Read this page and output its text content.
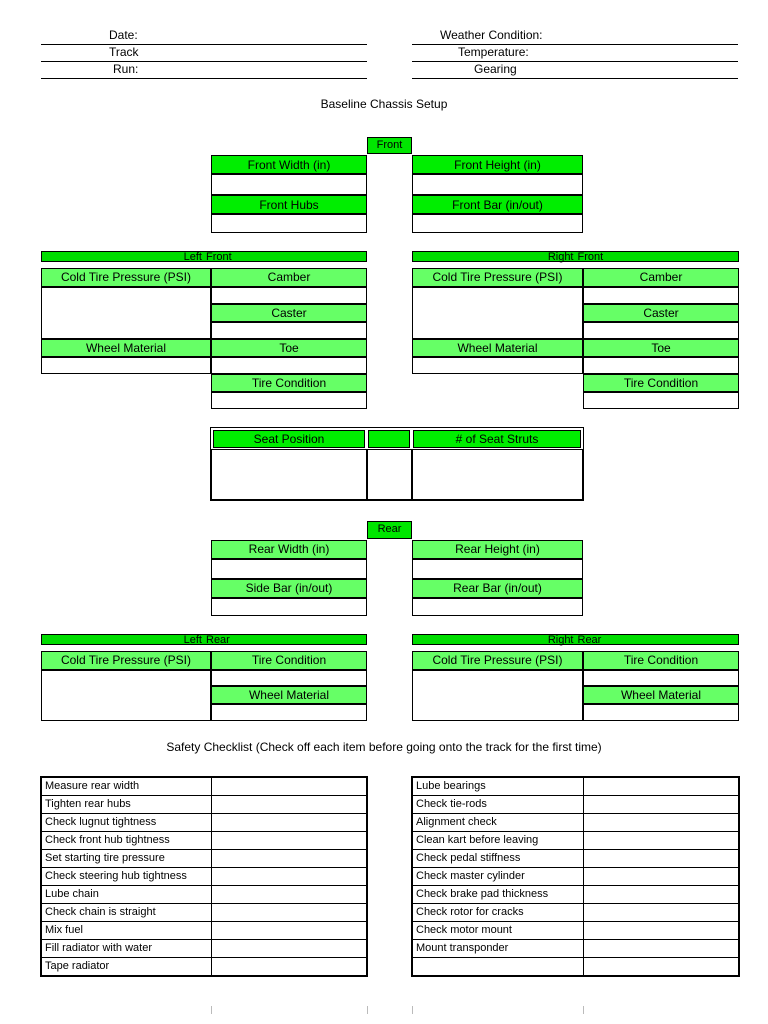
Date:
Track
Run:
Weather Condition:
Temperature:
Gearing
Baseline Chassis Setup
Front
Front Width (in)	Front Height (in)
Front Hubs	Front Bar (in/out)
Left Front
Cold Tire Pressure (PSI)	Camber
Caster
Wheel Material	Toe
Tire Condition
Right Front
Cold Tire Pressure (PSI)	Camber
Caster
Wheel Material	Toe
Tire Condition
Seat Position	# of Seat Struts
Rear
Rear Width (in)	Rear Height (in)
Side Bar (in/out)	Rear Bar (in/out)
Left Rear
Cold Tire Pressure (PSI)	Tire Condition
Wheel Material
Right Rear
Cold Tire Pressure (PSI)	Tire Condition
Wheel Material
Safety Checklist (Check off each item before going onto the track for the first time)
Measure rear width	
Tighten rear hubs	
Check lugnut tightness	
Check front hub tightness	
Set starting tire pressure	
Check steering hub tightness	
Lube chain	
Check chain is straight	
Mix fuel	
Fill radiator with water	
Tape radiator	
Lube bearings	
Check tie-rods	
Alignment check	
Clean kart before leaving	
Check pedal stiffness	
Check master cylinder	
Check brake pad thickness	
Check rotor for cracks	
Check motor mount	
Mount transponder	
